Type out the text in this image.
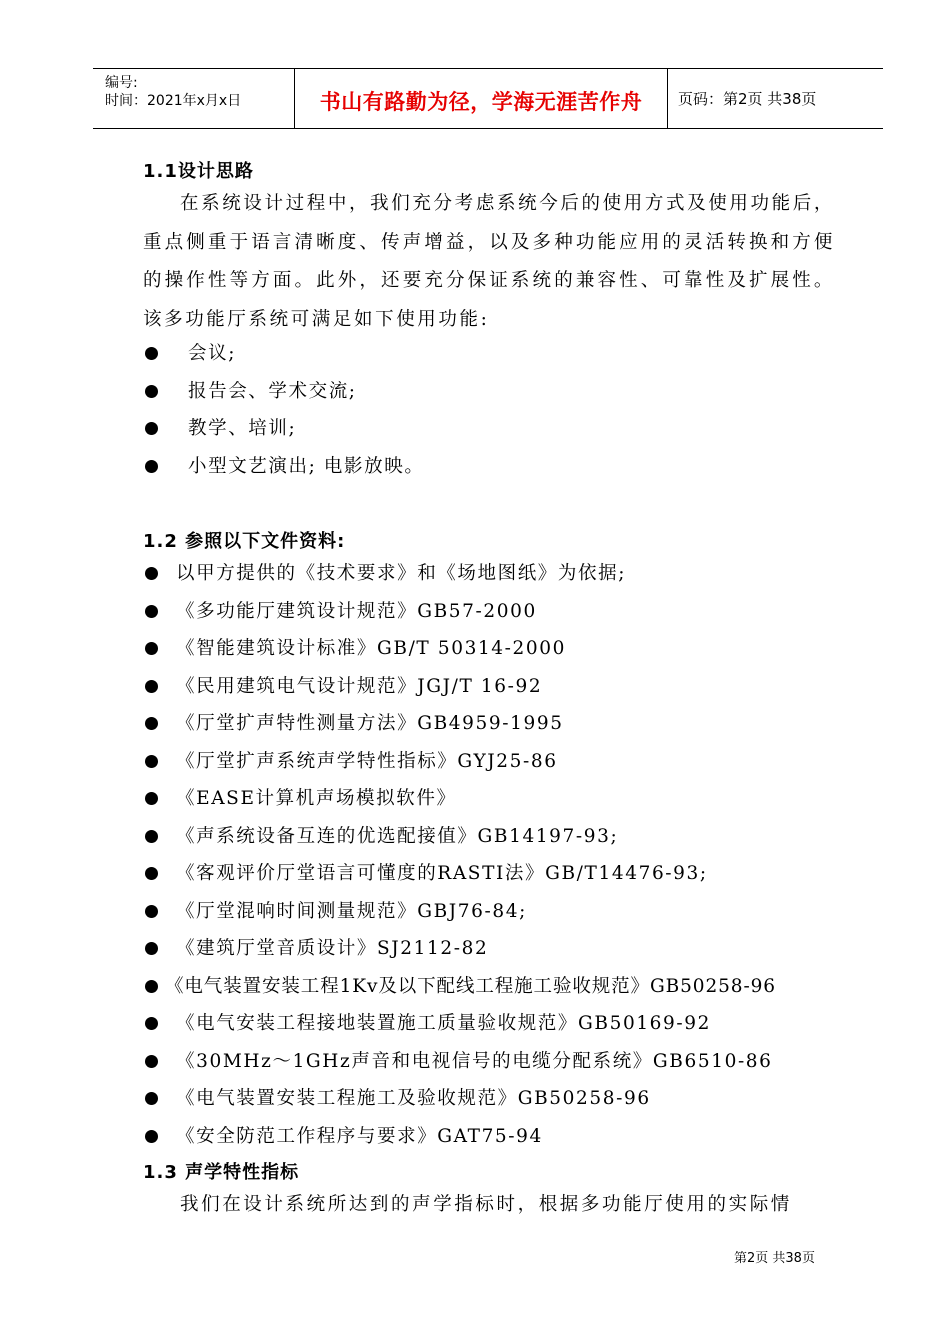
编号:
时间：2021年x月x日	书山有路勤为径，学海无涯苦作舟	页码：第2页 共38页
1.1设计思路
在系统设计过程中，我们充分考虑系统今后的使用方式及使用功能后，重点侧重于语言清晰度、传声增益，以及多种功能应用的灵活转换和方便的操作性等方面。此外，还要充分保证系统的兼容性、可靠性及扩展性。该多功能厅系统可满足如下使用功能:
会议;
报告会、学术交流;
教学、培训;
小型文艺演出; 电影放映。
1.2 参照以下文件资料:
以甲方提供的《技术要求》和《场地图纸》为依据;
《多功能厅建筑设计规范》GB57-2000
《智能建筑设计标准》GB/T 50314-2000
《民用建筑电气设计规范》JGJ/T 16-92
《厅堂扩声特性测量方法》GB4959-1995
《厅堂扩声系统声学特性指标》GYJ25-86
《EASE计算机声场模拟软件》
《声系统设备互连的优选配接值》GB14197-93;
《客观评价厅堂语言可懂度的RASTI法》GB/T14476-93;
《厅堂混响时间测量规范》GBJ76-84;
《建筑厅堂音质设计》SJ2112-82
《电气装置安装工程1Kv及以下配线工程施工验收规范》GB50258-96
《电气安装工程接地装置施工质量验收规范》GB50169-92
《30MHz～1GHz声音和电视信号的电缆分配系统》GB6510-86
《电气装置安装工程施工及验收规范》GB50258-96
《安全防范工作程序与要求》GAT75-94
1.3 声学特性指标
我们在设计系统所达到的声学指标时，根据多功能厅使用的实际情
第2页 共38页
